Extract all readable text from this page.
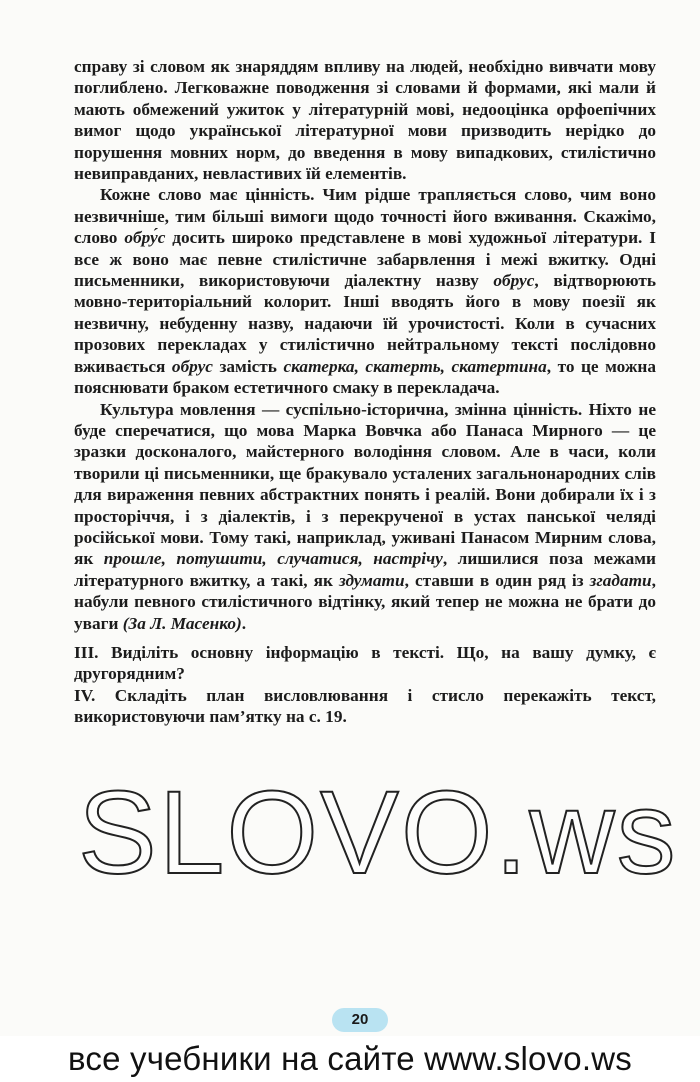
справу зі словом як знаряддям впливу на людей, необхідно вивчати мову поглиблено. Легковажне поводження зі словами й формами, які мали й мають обмежений ужиток у літературній мові, недооцінка орфоепічних вимог щодо української літературної мови призводить нерідко до порушення мовних норм, до введення в мову випадкових, стилістично невиправданих, невластивих їй елементів.

Кожне слово має цінність. Чим рідше трапляється слово, чим воно незвичніше, тим більші вимоги щодо точності його вживання. Скажімо, слово обру́с досить широко представлене в мові художньої літератури. І все ж воно має певне стилістичне забарвлення і межі вжитку. Одні письменники, використовуючи діалектну назву обрус, відтворюють мовно-територіальний колорит. Інші вводять його в мову поезії як незвичну, небуденну назву, надаючи їй урочистості. Коли в сучасних прозових перекладах у стилістично нейтральному тексті послідовно вживається обрус замість скатерка, скатерть, скатертина, то це можна пояснювати браком естетичного смаку в перекладача.

Культура мовлення — суспільно-історична, змінна цінність. Ніхто не буде сперечатися, що мова Марка Вовчка або Панаса Мирного — це зразки досконалого, майстерного володіння словом. Але в часи, коли творили ці письменники, ще бракувало усталених загальнонародних слів для вираження певних абстрактних понять і реалій. Вони добирали їх і з просторіччя, і з діалектів, і з перекрученої в устах панської челяді російської мови. Тому такі, наприклад, уживані Панасом Мирним слова, як прошле, потушити, случатися, настрічу, лишилися поза межами літературного вжитку, а такі, як здумати, ставши в один ряд із згадати, набули певного стилістичного відтінку, який тепер не можна не брати до уваги (За Л. Масенко).

III. Виділіть основну інформацію в тексті. Що, на вашу думку, є другорядним?

IV. Складіть план висловлювання і стисло перекажіть текст, використовуючи пам’ятку на с. 19.

SLOVO.ws
20
все учебники на сайте www.slovo.ws
